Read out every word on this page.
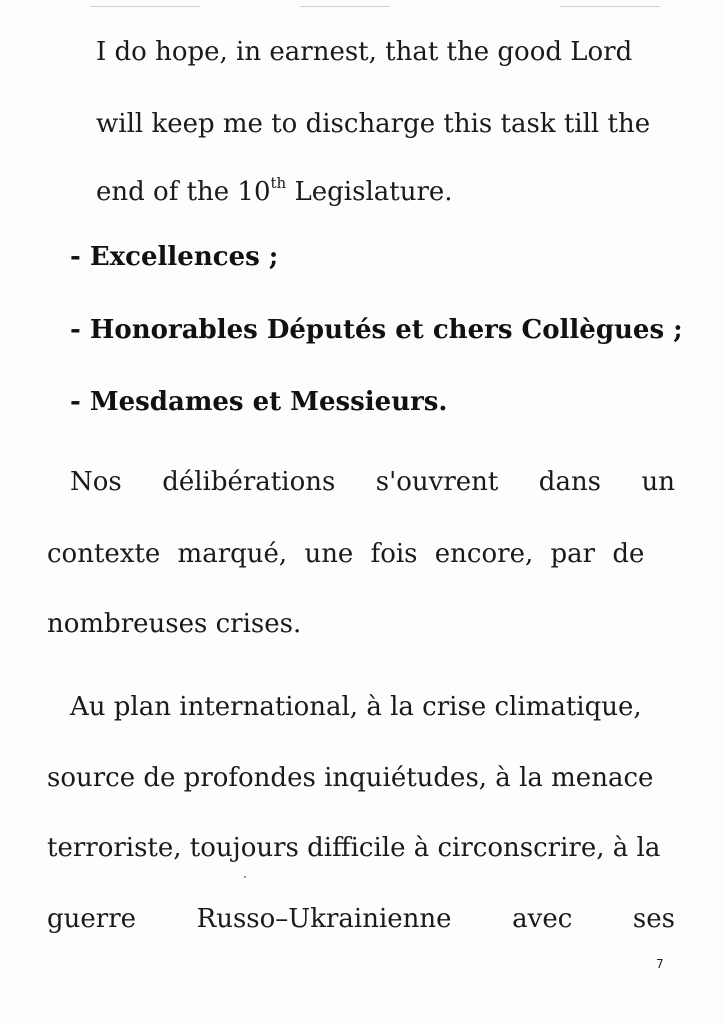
I do hope, in earnest, that the good Lord
will keep me to discharge this task till the
end of the 10th Legislature.
- Excellences ;
- Honorables Députés et chers Collègues ;
- Mesdames et Messieurs.
Nos délibérations s'ouvrent dans un
contexte marqué, une fois encore, par de
nombreuses crises.
Au plan international, à la crise climatique,
source de profondes inquiétudes, à la menace
terroriste, toujours difficile à circonscrire, à la
guerre Russo–Ukrainienne avec ses
7
